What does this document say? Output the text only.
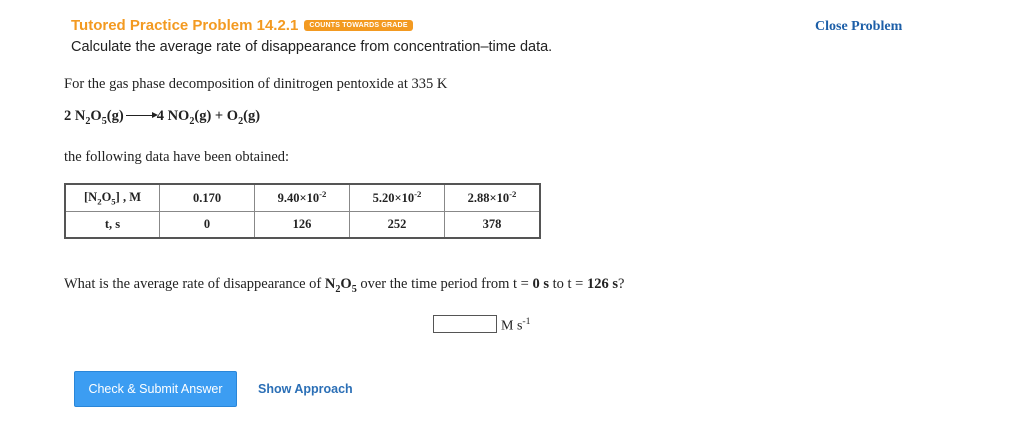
Tutored Practice Problem 14.2.1	COUNTS TOWARDS GRADE
Calculate the average rate of disappearance from concentration–time data.
Close Problem
For the gas phase decomposition of dinitrogen pentoxide at 335 K
2 $N_2O_5(g) \to 4$ $NO_2(g) + O_2(g)$
the following data have been obtained:
$[N_2O_5]$ , M	0.170	$9.40\times 10^{-2}$	$5.20\times 10^{-2}$	$2.88\times 10^{-2}$
t, s	0	126	252	378
What is the average rate of disappearance of $N_2O_5$ over the time period from t = 0 s to t = 126 s?
M $s^{-1}$
Check & Submit Answer	Show Approach
